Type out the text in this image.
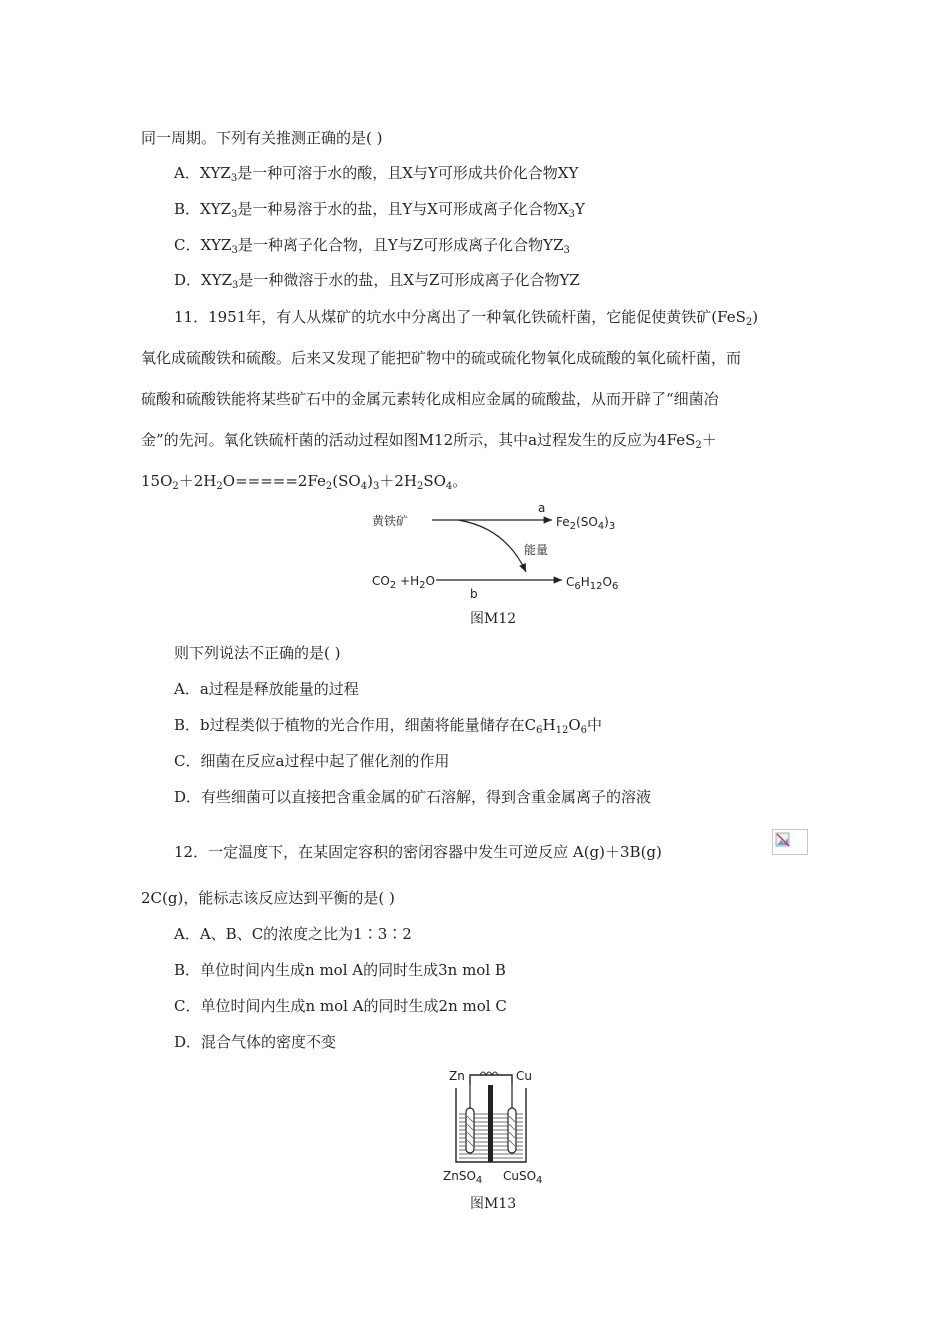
同一周期。下列有关推测正确的是( )
A．$XYZ_3$是一种可溶于水的酸，且X与Y可形成共价化合物XY
B．$XYZ_3$是一种易溶于水的盐，且Y与X可形成离子化合物$X_3Y$
C．$XYZ_3$是一种离子化合物，且Y与Z可形成离子化合物$YZ_3$
D．$XYZ_3$是一种微溶于水的盐，且X与Z可形成离子化合物YZ
11．1951年，有人从煤矿的坑水中分离出了一种氧化铁硫杆菌，它能促使黄铁矿(FeS$_2$)
氧化成硫酸铁和硫酸。后来又发现了能把矿物中的硫或硫化物氧化成硫酸的氧化硫杆菌，而
硫酸和硫酸铁能将某些矿石中的金属元素转化成相应金属的硫酸盐，从而开辟了“细菌冶
金”的先河。氧化铁硫杆菌的活动过程如图M12所示，其中a过程发生的反应为4FeS$_2$＋
$15O_2+2H_2O=====2Fe_2(SO_4)_3+2H_2SO_4$。
黄铁矿	$Fe_2(SO_4)_3$
a
能量
$CO_2 +H_2O$
b
$C_6H_{12}O_6$
图M12
则下列说法不正确的是( )
A．a过程是释放能量的过程
B．b过程类似于植物的光合作用，细菌将能量储存在$C_6H_{12}O_6$中
C．细菌在反应a过程中起了催化剂的作用
D．有些细菌可以直接把含重金属的矿石溶解，得到含重金属离子的溶液
12．一定温度下，在某固定容积的密闭容器中发生可逆反应 A(g)＋3B(g)
2C(g)，能标志该反应达到平衡的是( )
A．A、B、C的浓度之比为1∶3∶2
B．单位时间内生成n mol A的同时生成3n mol B
C．单位时间内生成n mol A的同时生成2n mol C
D．混合气体的密度不变
Zn	Cu
ZnSO$_4$ CuSO$_4$
图M13
